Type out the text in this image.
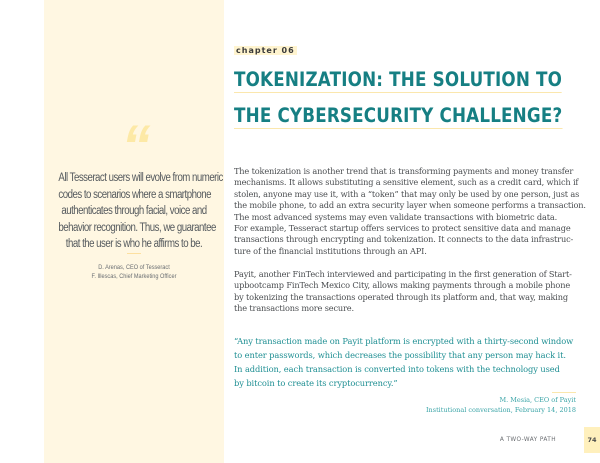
“
All Tesseract users will evolve from numeric
codes to scenarios where a smartphone
authenticates through facial, voice and
behavior recognition. Thus, we guarantee
that the user is who he affirms to be.
D. Arenas, CEO of Tesseract
F. Illescas, Chief Marketing Officer
chapter 06
TOKENIZATION: THE SOLUTION TO
THE CYBERSECURITY CHALLENGE?
The tokenization is another trend that is transforming payments and money transfer
mechanisms. It allows substituting a sensitive element, such as a credit card, which if
stolen, anyone may use it, with a “token” that may only be used by one person, just as
the mobile phone, to add an extra security layer when someone performs a transaction.
The most advanced systems may even validate transactions with biometric data.
For example, Tesseract startup offers services to protect sensitive data and manage
transactions through encrypting and tokenization. It connects to the data infrastruc-
ture of the financial institutions through an API.
Payit, another FinTech interviewed and participating in the first generation of Start-
upbootcamp FinTech Mexico City, allows making payments through a mobile phone
by tokenizing the transactions operated through its platform and, that way, making
the transactions more secure.
“Any transaction made on Payit platform is encrypted with a thirty-second window
to enter passwords, which decreases the possibility that any person may hack it.
In addition, each transaction is converted into tokens with the technology used
by bitcoin to create its cryptocurrency.”
M. Mesia, CEO of Payit
Institutional conversation, February 14, 2018
A TWO-WAY PATH	74
